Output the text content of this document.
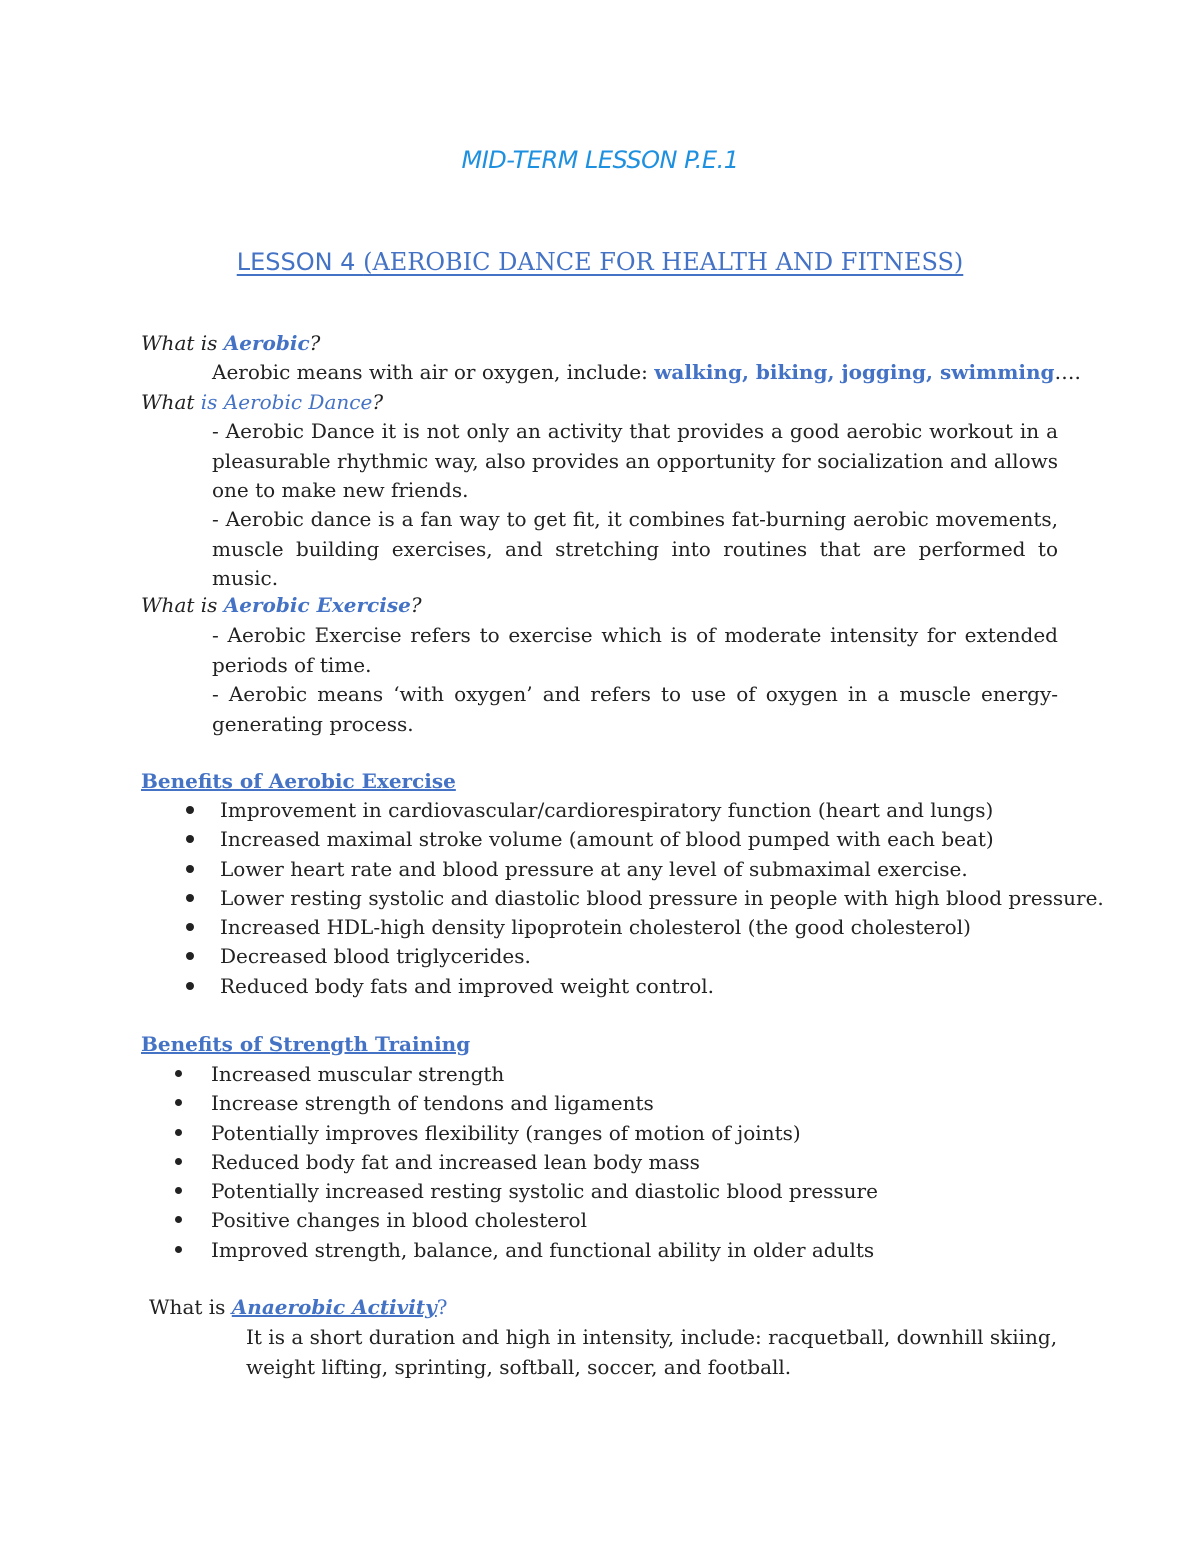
MID-TERM LESSON P.E.1
LESSON 4 (AEROBIC DANCE FOR HEALTH AND FITNESS)
What is Aerobic?
Aerobic means with air or oxygen, include: walking, biking, jogging, swimming….
What is Aerobic Dance?
- Aerobic Dance it is not only an activity that provides a good aerobic workout in a pleasurable rhythmic way, also provides an opportunity for socialization and allows one to make new friends.
- Aerobic dance is a fan way to get fit, it combines fat-burning aerobic movements, muscle building exercises, and stretching into routines that are performed to music.
What is Aerobic Exercise?
- Aerobic Exercise refers to exercise which is of moderate intensity for extended periods of time.
- Aerobic means ‘with oxygen’ and refers to use of oxygen in a muscle energy-generating process.
Benefits of Aerobic Exercise
Improvement in cardiovascular/cardiorespiratory function (heart and lungs)
Increased maximal stroke volume (amount of blood pumped with each beat)
Lower heart rate and blood pressure at any level of submaximal exercise.
Lower resting systolic and diastolic blood pressure in people with high blood pressure.
Increased HDL-high density lipoprotein cholesterol (the good cholesterol)
Decreased blood triglycerides.
Reduced body fats and improved weight control.
Benefits of Strength Training
Increased muscular strength
Increase strength of tendons and ligaments
Potentially improves flexibility (ranges of motion of joints)
Reduced body fat and increased lean body mass
Potentially increased resting systolic and diastolic blood pressure
Positive changes in blood cholesterol
Improved strength, balance, and functional ability in older adults
What is Anaerobic Activity?
It is a short duration and high in intensity, include: racquetball, downhill skiing,
weight lifting, sprinting, softball, soccer, and football.
